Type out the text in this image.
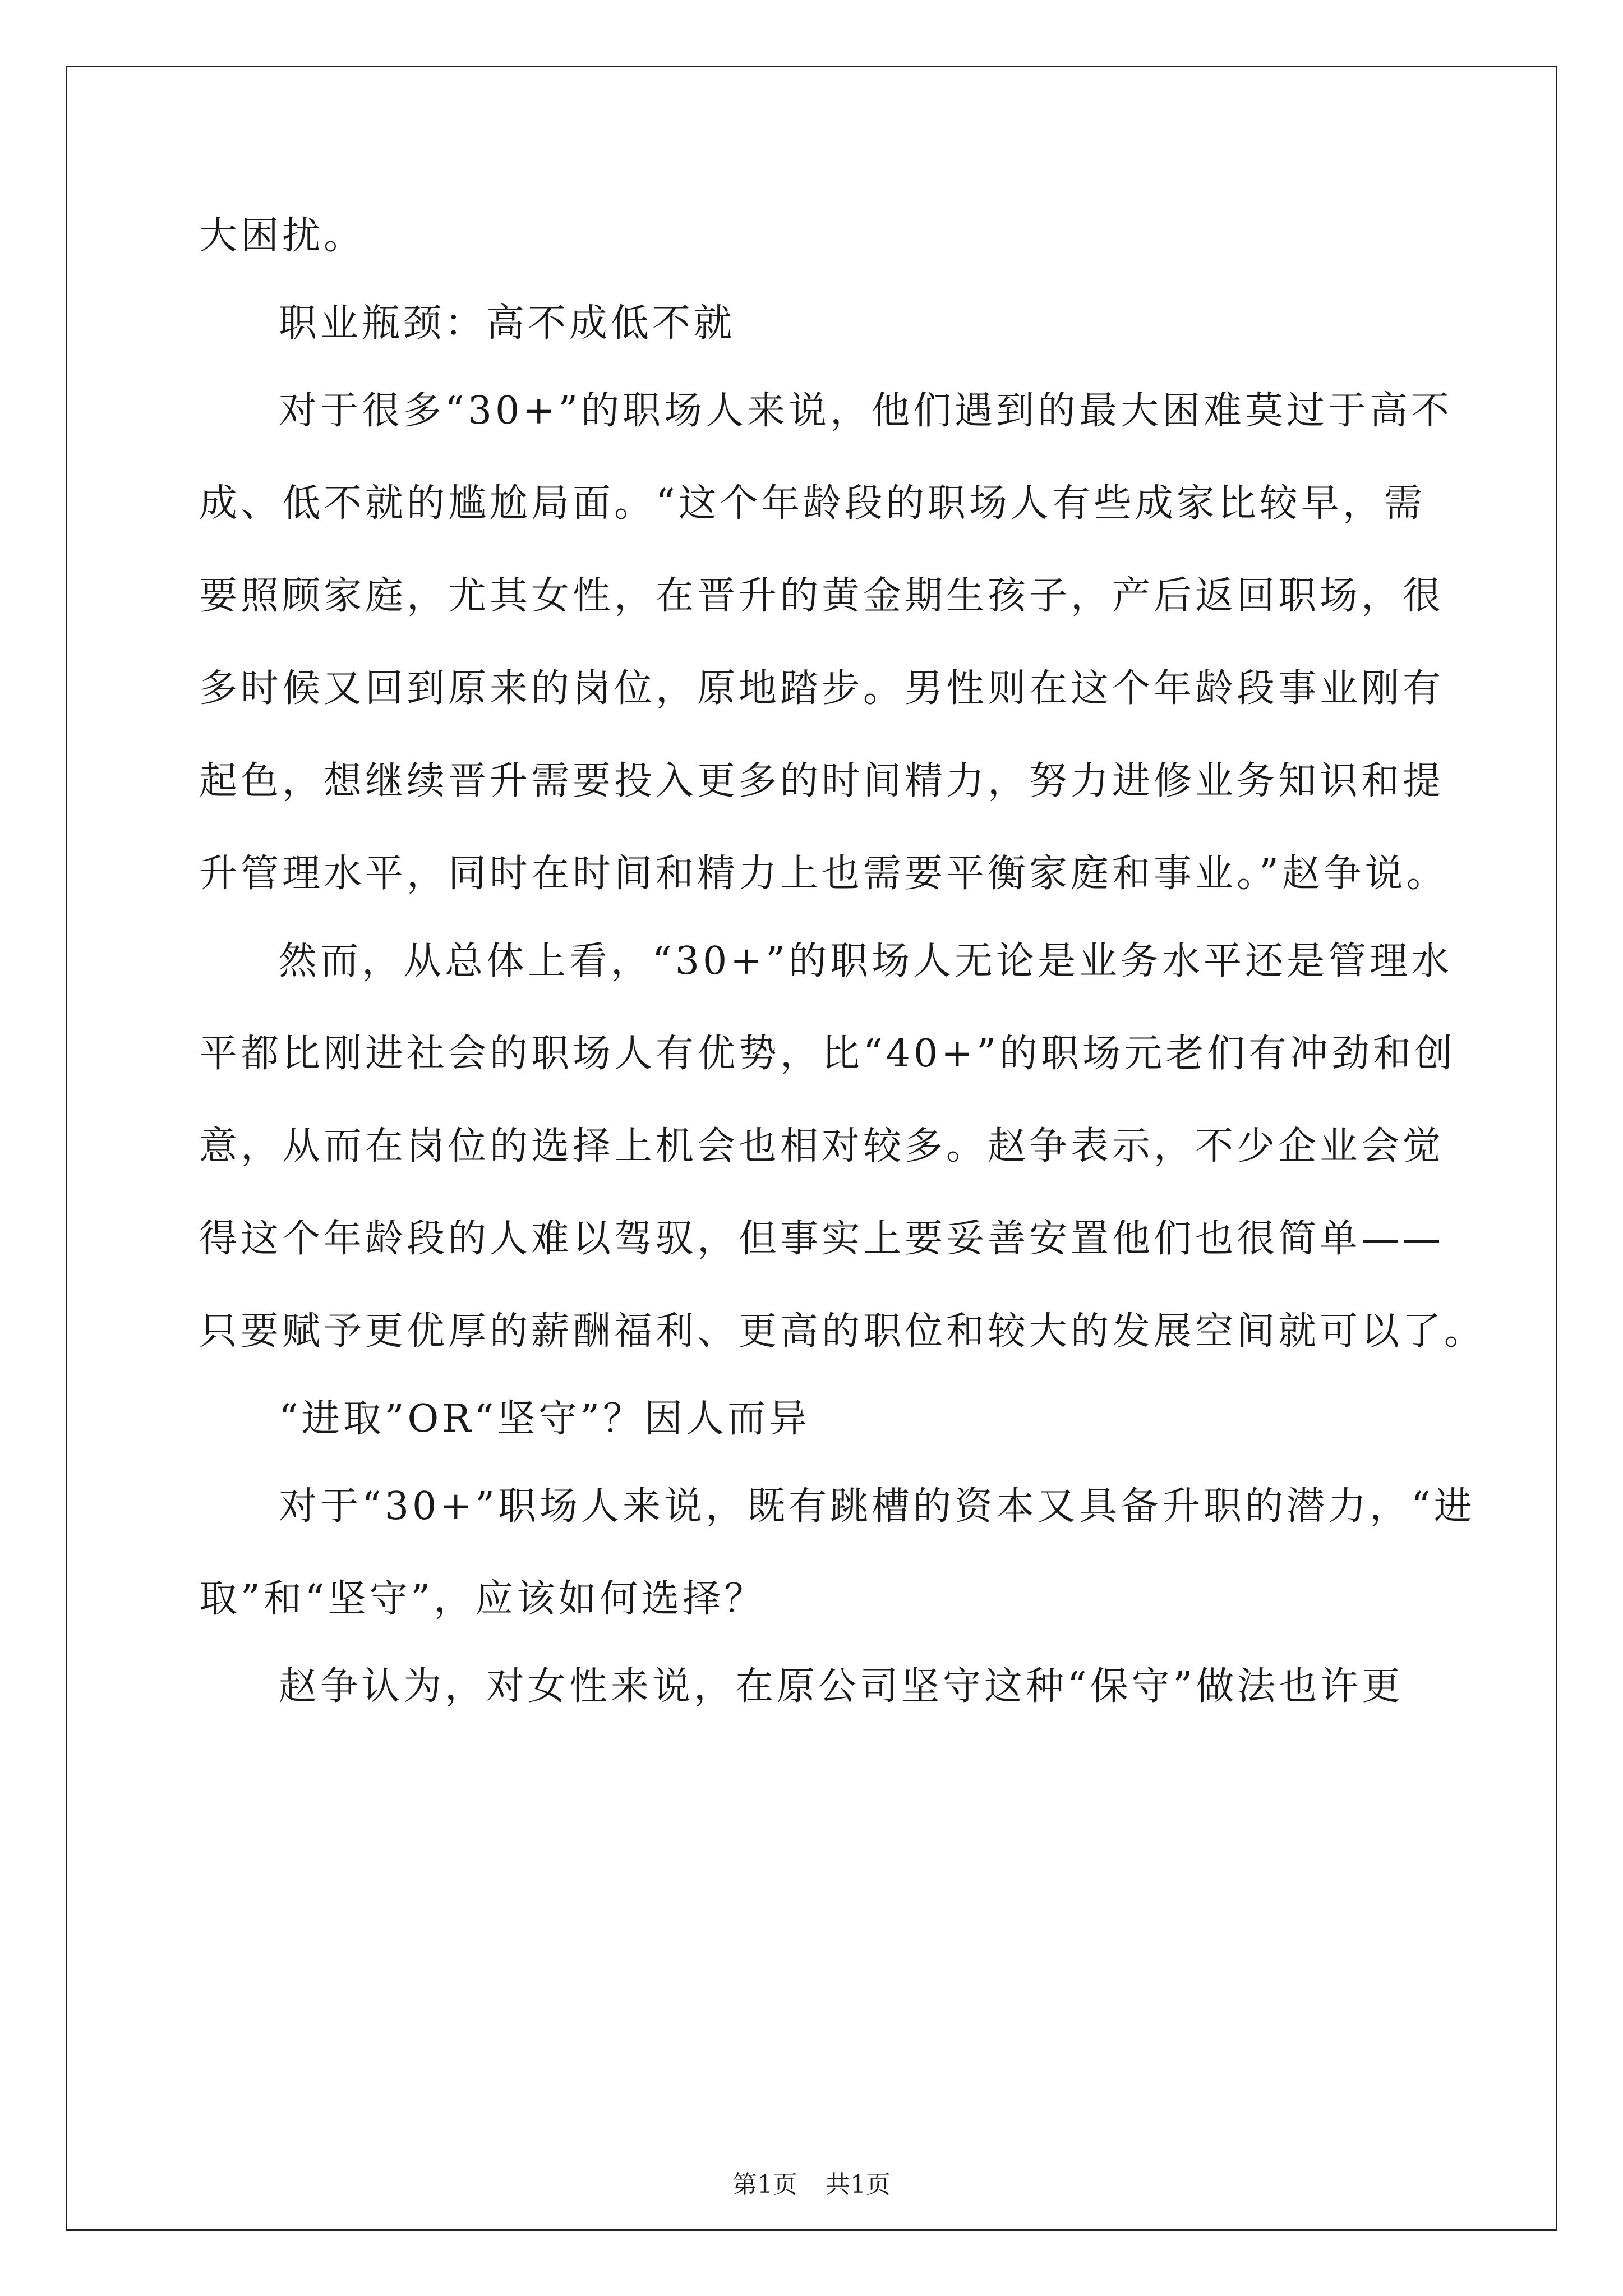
大困扰。
职业瓶颈：高不成低不就
对于很多“30+”的职场人来说，他们遇到的最大困难莫过于高不
成、低不就的尴尬局面。“这个年龄段的职场人有些成家比较早，需
要照顾家庭，尤其女性，在晋升的黄金期生孩子，产后返回职场，很
多时候又回到原来的岗位，原地踏步。男性则在这个年龄段事业刚有
起色，想继续晋升需要投入更多的时间精力，努力进修业务知识和提
升管理水平，同时在时间和精力上也需要平衡家庭和事业。”赵争说。
然而，从总体上看，“30+”的职场人无论是业务水平还是管理水
平都比刚进社会的职场人有优势，比“40+”的职场元老们有冲劲和创
意，从而在岗位的选择上机会也相对较多。赵争表示，不少企业会觉
得这个年龄段的人难以驾驭，但事实上要妥善安置他们也很简单——
只要赋予更优厚的薪酬福利、更高的职位和较大的发展空间就可以了。
“进取”OR“坚守”？因人而异
对于“30+”职场人来说，既有跳槽的资本又具备升职的潜力，“进
取”和“坚守”，应该如何选择？
赵争认为，对女性来说，在原公司坚守这种“保守”做法也许更
第1页 共1页
